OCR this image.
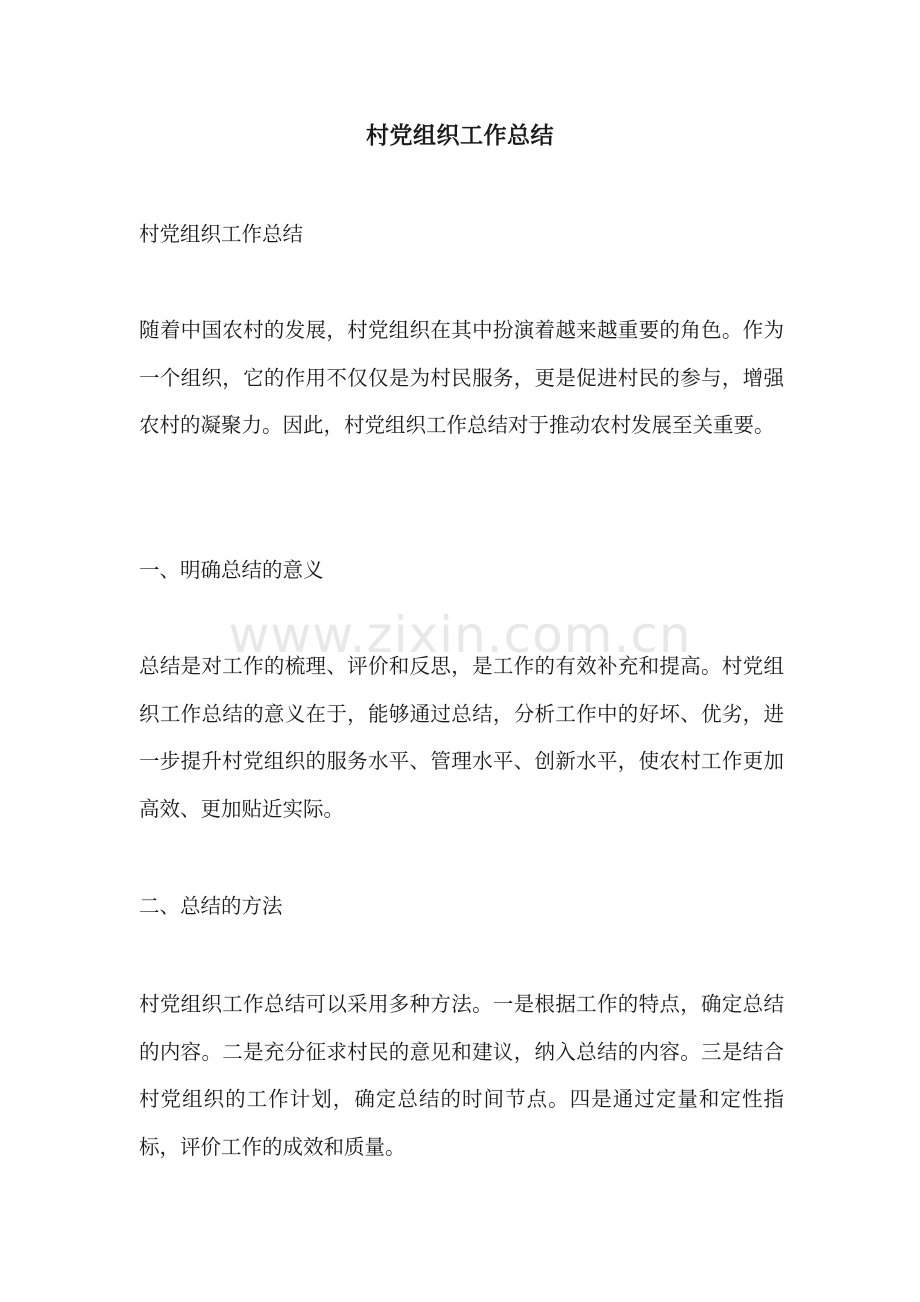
村党组织工作总结

村党组织工作总结

随着中国农村的发展，村党组织在其中扮演着越来越重要的角色。作为一个组织，它的作用不仅仅是为村民服务，更是促进村民的参与，增强农村的凝聚力。因此，村党组织工作总结对于推动农村发展至关重要。

一、明确总结的意义

总结是对工作的梳理、评价和反思，是工作的有效补充和提高。村党组织工作总结的意义在于，能够通过总结，分析工作中的好坏、优劣，进一步提升村党组织的服务水平、管理水平、创新水平，使农村工作更加高效、更加贴近实际。

二、总结的方法

村党组织工作总结可以采用多种方法。一是根据工作的特点，确定总结的内容。二是充分征求村民的意见和建议，纳入总结的内容。三是结合村党组织的工作计划，确定总结的时间节点。四是通过定量和定性指标，评价工作的成效和质量。

www.zixin.com.cn
